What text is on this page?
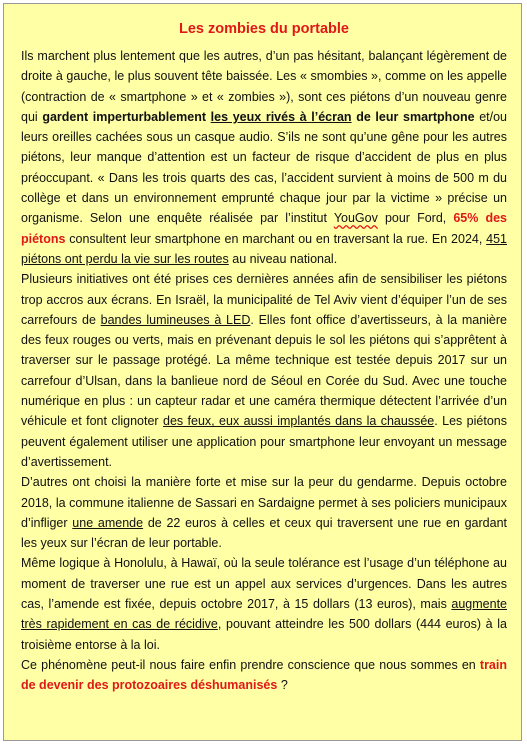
Les zombies du portable

Ils marchent plus lentement que les autres, d’un pas hésitant, balançant légèrement de droite à gauche, le plus souvent tête baissée. Les « smombies », comme on les appelle (contraction de « smartphone » et « zombies »), sont ces piétons d’un nouveau genre qui gardent imperturbablement les yeux rivés à l’écran de leur smartphone et/ou leurs oreilles cachées sous un casque audio. S’ils ne sont qu’une gêne pour les autres piétons, leur manque d’attention est un facteur de risque d’accident de plus en plus préoccupant. « Dans les trois quarts des cas, l’accident survient à moins de 500 m du collège et dans un environnement emprunté chaque jour par la victime » précise un organisme. Selon une enquête réalisée par l’institut YouGov pour Ford, 65% des piétons consultent leur smartphone en marchant ou en traversant la rue. En 2024, 451 piétons ont perdu la vie sur les routes au niveau national.

Plusieurs initiatives ont été prises ces dernières années afin de sensibiliser les piétons trop accros aux écrans. En Israël, la municipalité de Tel Aviv vient d’équiper l’un de ses carrefours de bandes lumineuses à LED. Elles font office d’avertisseurs, à la manière des feux rouges ou verts, mais en prévenant depuis le sol les piétons qui s’apprêtent à traverser sur le passage protégé. La même technique est testée depuis 2017 sur un carrefour d’Ulsan, dans la banlieue nord de Séoul en Corée du Sud. Avec une touche numérique en plus : un capteur radar et une caméra thermique détectent l’arrivée d’un véhicule et font clignoter des feux, eux aussi implantés dans la chaussée. Les piétons peuvent également utiliser une application pour smartphone leur envoyant un message d’avertissement.

D’autres ont choisi la manière forte et mise sur la peur du gendarme. Depuis octobre 2018, la commune italienne de Sassari en Sardaigne permet à ses policiers municipaux d’infliger une amende de 22 euros à celles et ceux qui traversent une rue en gardant les yeux sur l’écran de leur portable.

Même logique à Honolulu, à Hawaï, où la seule tolérance est l’usage d’un téléphone au moment de traverser une rue est un appel aux services d’urgences. Dans les autres cas, l’amende est fixée, depuis octobre 2017, à 15 dollars (13 euros), mais augmente très rapidement en cas de récidive, pouvant atteindre les 500 dollars (444 euros) à la troisième entorse à la loi.

Ce phénomène peut-il nous faire enfin prendre conscience que nous sommes en train de devenir des protozoaires déshumanisés ?
